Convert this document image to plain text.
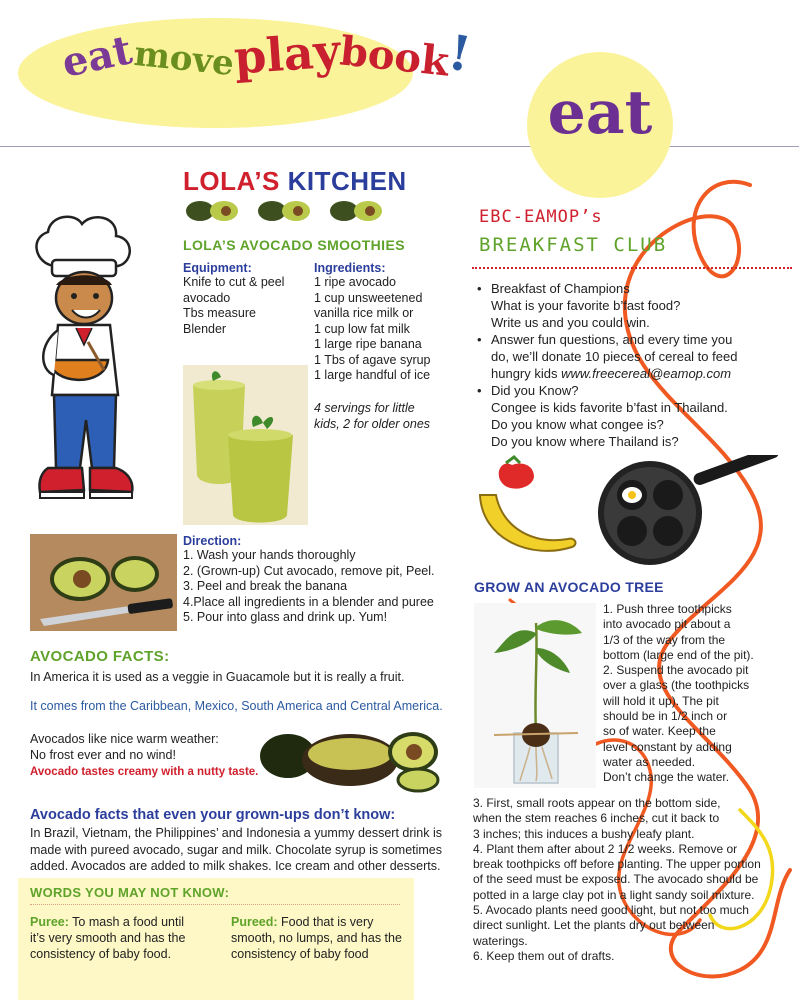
eatmoveplaybook!
eat
LOLA’S KITCHEN
LOLA’S AVOCADO SMOOTHIES
Equipment:
Knife to cut & peel
avocado
Tbs measure
Blender
Ingredients:
1 ripe avocado
1 cup unsweetened
vanilla rice milk or
1 cup low fat milk
1 large ripe banana
1 Tbs of agave syrup
1 large handful of ice
4 servings for little
kids, 2 for older ones
Direction:
1. Wash your hands thoroughly
2. (Grown-up) Cut avocado, remove pit, Peel.
3. Peel and break the banana
4.Place all ingredients in a blender and puree
5. Pour into glass and drink up. Yum!
AVOCADO FACTS:
In America it is used as a veggie in Guacamole but it is really a fruit.
It comes from the Caribbean, Mexico, South America and Central America.
Avocados like nice warm weather:
No frost ever and no wind!
Avocado tastes creamy with a nutty taste.
Avocado facts that even your grown-ups don’t know:
In Brazil, Vietnam, the Philippines’ and Indonesia a yummy dessert drink is
made with pureed avocado, sugar and milk. Chocolate syrup is sometimes
added. Avocados are added to milk shakes. Ice cream and other desserts.
WORDS YOU MAY NOT KNOW:
Puree: To mash a food until
it’s very smooth and has the
consistency of baby food.
Pureed: Food that is very
smooth, no lumps, and has the
consistency of baby food
EBC-EAMOP’s
BREAKFAST CLUB
• Breakfast of Champions
What is your favorite b’fast food?
Write us and you could win.
• Answer fun questions, and every time you
do, we’ll donate 10 pieces of cereal to feed
hungry kids www.freecereal@eamop.com
• Did you Know?
Congee is kids favorite b’fast in Thailand.
Do you know what congee is?
Do you know where Thailand is?
GROW AN AVOCADO TREE
1. Push three toothpicks
into avocado pit about a
1/3 of the way from the
bottom (large end of the pit).
2. Suspend the avocado pit
over a glass (the toothpicks
will hold it up). The pit
should be in 1/2 inch or
so of water. Keep the
level constant by adding
water as needed.
Don’t change the water.
3. First, small roots appear on the bottom side,
when the stem reaches 6 inches, cut it back to
3 inches; this induces a bushy leafy plant.
4. Plant them after about 2 1/2 weeks. Remove or
break toothpicks off before planting. The upper portion
of the seed must be exposed. The avocado should be
potted in a large clay pot in a light sandy soil mixture.
5. Avocado plants need good light, but not too much
direct sunlight. Let the plants dry out between
waterings.
6. Keep them out of drafts.
